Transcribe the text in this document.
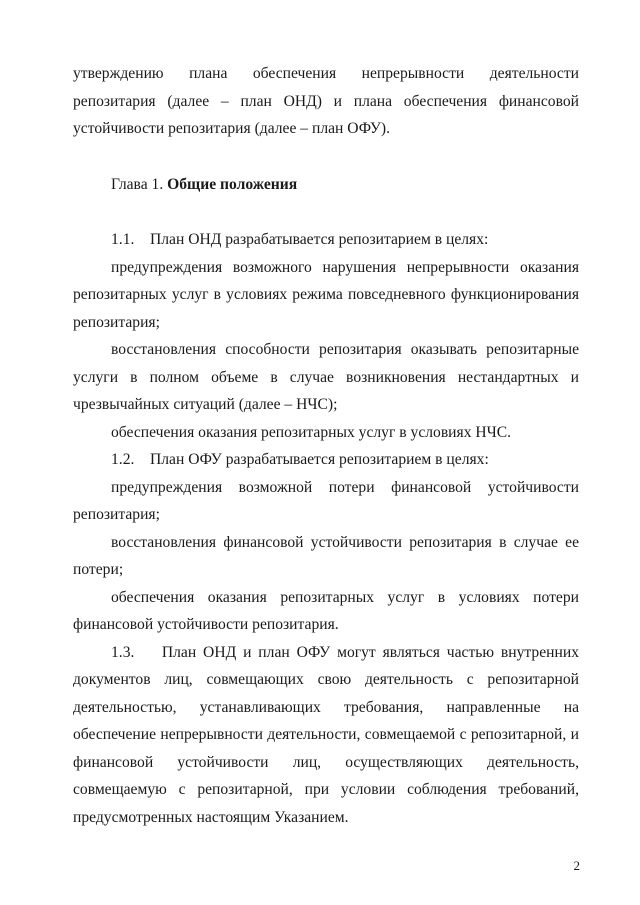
утверждению плана обеспечения непрерывности деятельности репозитария (далее – план ОНД) и плана обеспечения финансовой устойчивости репозитария (далее – план ОФУ).

Глава 1. Общие положения

1.1.    План ОНД разрабатывается репозитарием в целях:

предупреждения возможного нарушения непрерывности оказания репозитарных услуг в условиях режима повседневного функционирования репозитария;

восстановления способности репозитария оказывать репозитарные услуги в полном объеме в случае возникновения нестандартных и чрезвычайных ситуаций (далее – НЧС);

обеспечения оказания репозитарных услуг в условиях НЧС.

1.2.    План ОФУ разрабатывается репозитарием в целях:

предупреждения возможной потери финансовой устойчивости репозитария;

восстановления финансовой устойчивости репозитария в случае ее потери;

обеспечения оказания репозитарных услуг в условиях потери финансовой устойчивости репозитария.

1.3.    План ОНД и план ОФУ могут являться частью внутренних документов лиц, совмещающих свою деятельность с репозитарной деятельностью, устанавливающих требования, направленные на обеспечение непрерывности деятельности, совмещаемой с репозитарной, и финансовой устойчивости лиц, осуществляющих деятельность, совмещаемую с репозитарной, при условии соблюдения требований, предусмотренных настоящим Указанием.

2
